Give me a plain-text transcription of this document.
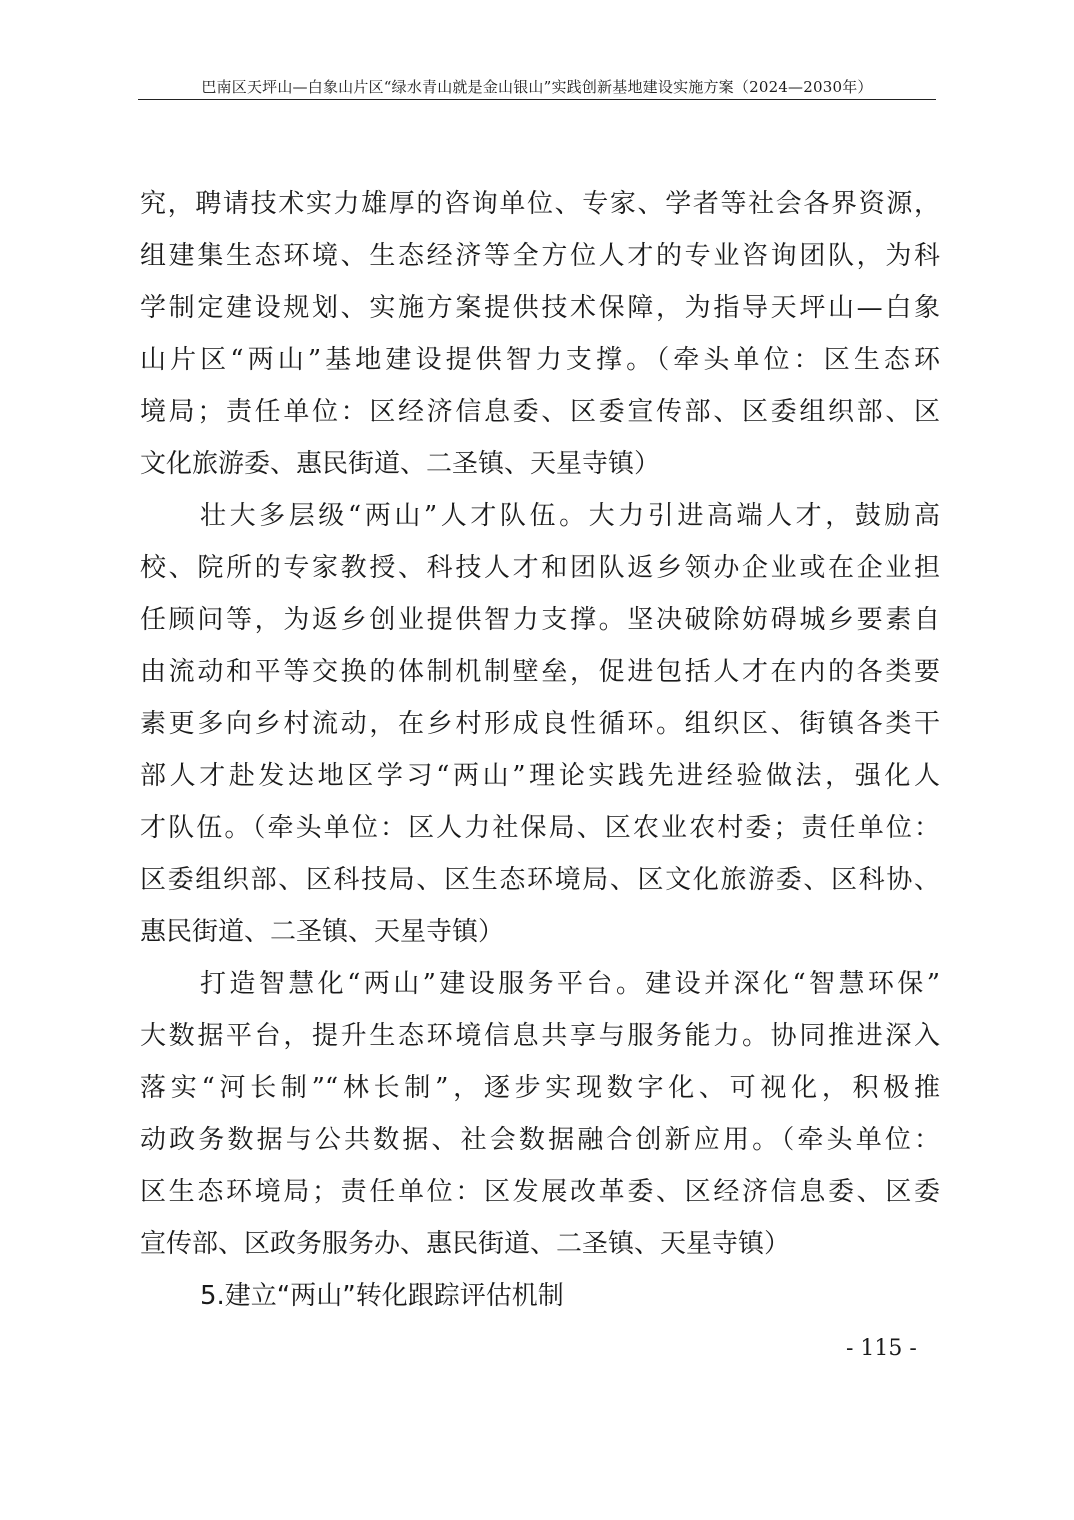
巴南区天坪山—白象山片区“绿水青山就是金山银山”实践创新基地建设实施方案（2024—2030年）
究，聘请技术实力雄厚的咨询单位、专家、学者等社会各界资源，
组建集生态环境、生态经济等全方位人才的专业咨询团队，为科
学制定建设规划、实施方案提供技术保障，为指导天坪山—白象
山片区“两山”基地建设提供智力支撑。（牵头单位：区生态环
境局；责任单位：区经济信息委、区委宣传部、区委组织部、区
文化旅游委、惠民街道、二圣镇、天星寺镇）
壮大多层级“两山”人才队伍。大力引进高端人才，鼓励高
校、院所的专家教授、科技人才和团队返乡领办企业或在企业担
任顾问等，为返乡创业提供智力支撑。坚决破除妨碍城乡要素自
由流动和平等交换的体制机制壁垒，促进包括人才在内的各类要
素更多向乡村流动，在乡村形成良性循环。组织区、街镇各类干
部人才赴发达地区学习“两山”理论实践先进经验做法，强化人
才队伍。（牵头单位：区人力社保局、区农业农村委；责任单位：
区委组织部、区科技局、区生态环境局、区文化旅游委、区科协、
惠民街道、二圣镇、天星寺镇）
打造智慧化“两山”建设服务平台。建设并深化“智慧环保”
大数据平台，提升生态环境信息共享与服务能力。协同推进深入
落实“河长制”“林长制”，逐步实现数字化、可视化，积极推
动政务数据与公共数据、社会数据融合创新应用。（牵头单位：
区生态环境局；责任单位：区发展改革委、区经济信息委、区委
宣传部、区政务服务办、惠民街道、二圣镇、天星寺镇）
5.建立“两山”转化跟踪评估机制
- 115 -
